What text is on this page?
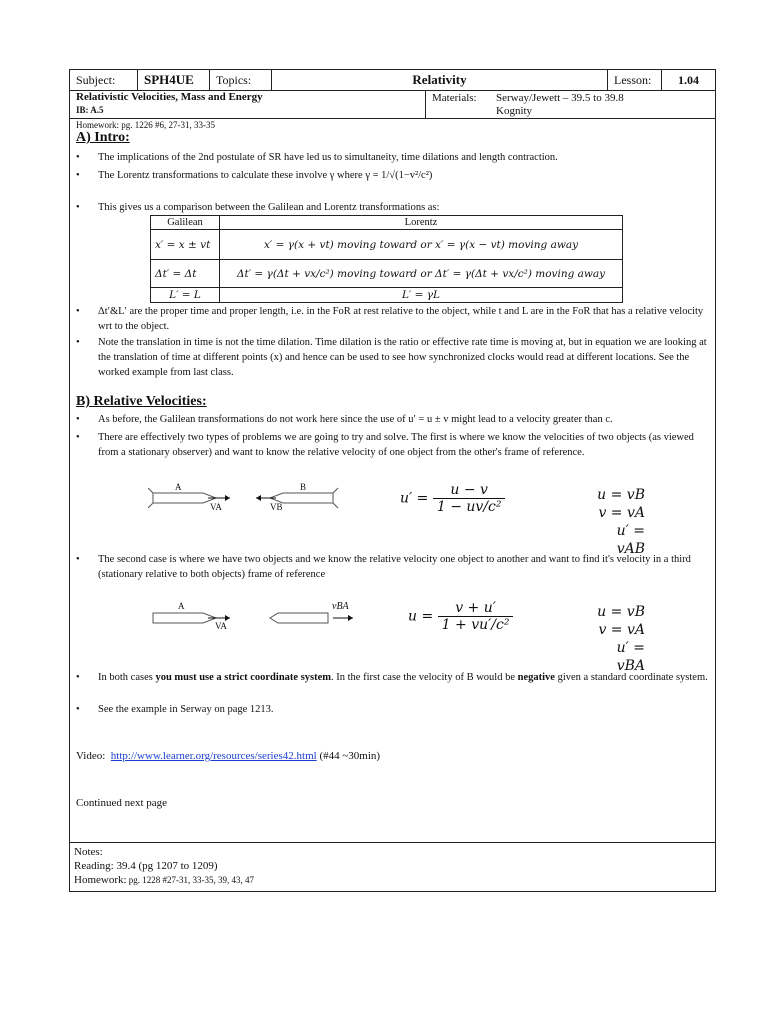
Subject:	SPH4UE	Topics:	Relativity	Lesson:	1.04
Relativistic Velocities, Mass and Energy
IB: A.5
Materials: Serway/Jewett – 39.5 to 39.8
Kognity
Homework: pg. 1226 #6, 27-31, 33-35
A) Intro:
• The implications of the 2nd postulate of SR have led us to simultaneity, time dilations and length contraction.
• The Lorentz transformations to calculate these involve γ where γ = 1/√(1−v²/c²)
• This gives us a comparison between the Galilean and Lorentz transformations as:
Galilean	Lorentz
x′ = x ± vt	x′ = γ(x + vt) moving toward or x′ = γ(x − vt) moving away
Δt′ = Δt	Δt′ = γ(Δt + vx/c²) moving toward or Δt′ = γ(Δt + vx/c²) moving away
L′ = L	L′ = γL
• Δt′&L′ are the proper time and proper length, i.e. in the FoR at rest relative to the object, while t and L are in the FoR that has a relative velocity wrt to the object.
• Note the translation in time is not the time dilation. Time dilation is the ratio or effective rate time is moving at, but in equation we are looking at the translation of time at different points (x) and hence can be used to see how synchronized clocks would read at different locations. See the worked example from last class.
B) Relative Velocities:
• As before, the Galilean transformations do not work here since the use of u′ = u ± v might lead to a velocity greater than c.
• There are effectively two types of problems we are going to try and solve. The first is where we know the velocities of two objects (as viewed from a stationary observer) and want to know the relative velocity of one object from the other's frame of reference.
A
VA
B
VB
$u' = \frac{u - v}{\text{1 − uv/c²}}$	u = vB
v = vA
u′ = vAB
• The second case is where we have two objects and we know the relative velocity one object to another and want to find it's velocity in a third (stationary relative to both objects) frame of reference
A
VA
vBA
$u = \frac{v + u'}{\text{1 + vu′/c²}}$	u = vB
v = vA
u′ = vBA
• In both cases you must use a strict coordinate system. In the first case the velocity of B would be negative given a standard coordinate system.
• See the example in Serway on page 1213.
Video: http://www.learner.org/resources/series42.html (#44 ~30min)
Continued next page
Notes:
Reading: 39.4 (pg 1207 to 1209)
Homework: pg. 1228 #27-31, 33-35, 39, 43, 47
